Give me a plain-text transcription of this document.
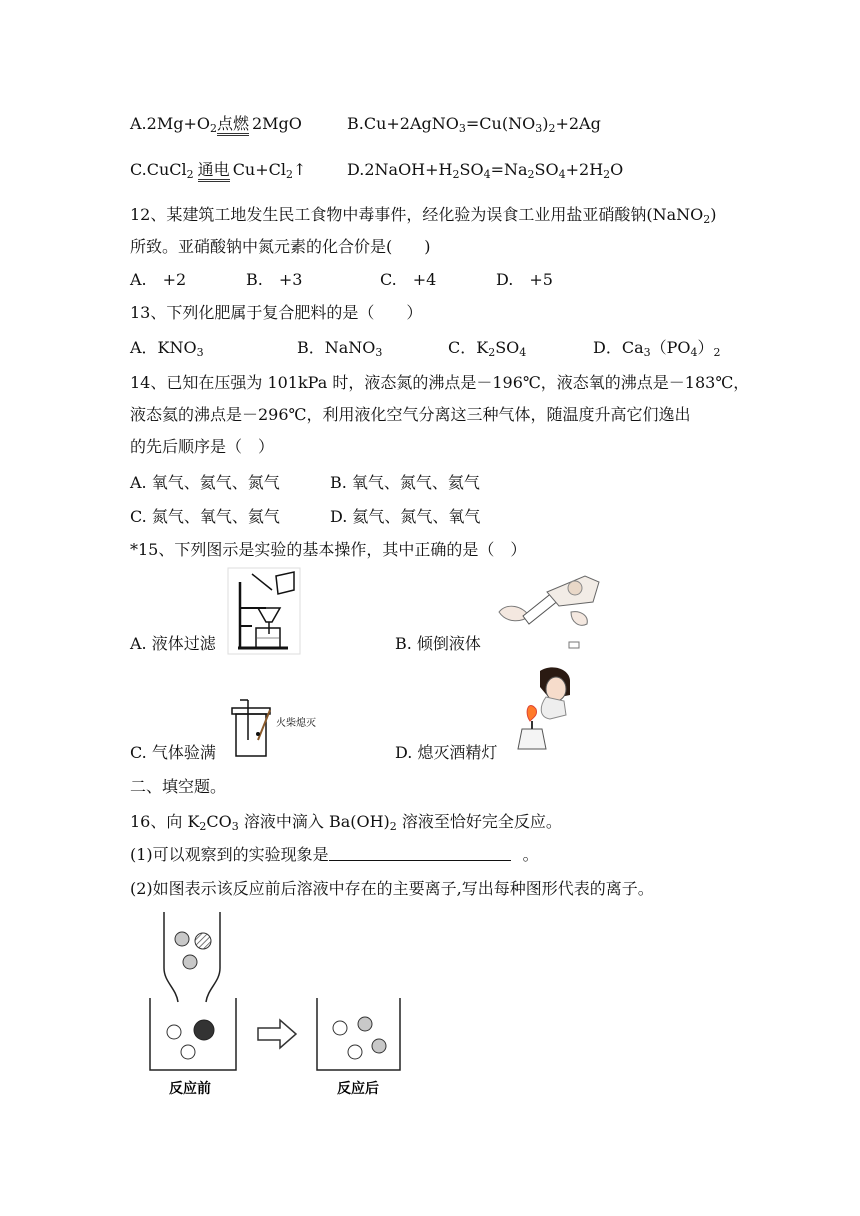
$A.2Mg+O_2$点燃 2MgO	$B.Cu+2AgNO_3=Cu(NO_3)_2+2Ag$
C.CuCl$_2$ 通电 $Cu+Cl_2↑$	$D.2NaOH+H_2SO_4=Na_2SO_4+2H_2O$
12、某建筑工地发生民工食物中毒事件，经化验为误食工业用盐亚硝酸钠(NaNO$_2$)
所致。亚硝酸钠中氮元素的化合价是(　　)
A.　+2	B.　+3	C.　+4	D.　+5
13、下列化肥属于复合肥料的是（　　）
A．$KNO_3$	B．NaNO$_3$	C．$K_2SO_4$	D．$Ca_3(PO_4)_2$
14、已知在压强为 101kPa 时，液态氮的沸点是－196℃，液态氧的沸点是－183℃，
液态氦的沸点是－296℃，利用液化空气分离这三种气体，随温度升高它们逸出
的先后顺序是（　）
A. 氧气、氦气、氮气	B. 氧气、氮气、氦气
C. 氮气、氧气、氦气	D. 氦气、氮气、氧气
*15、下列图示是实验的基本操作，其中正确的是（　）
A. 液体过滤	B. 倾倒液体
C. 气体验满	D. 熄灭酒精灯
火柴熄灭
二、填空题。
16、向 $K_2CO_3$ 溶液中滴入 $Ba(OH)_2$ 溶液至恰好完全反应。
(1)可以观察到的实验现象是	。
(2)如图表示该反应前后溶液中存在的主要离子,写出每种图形代表的离子。
反应前	反应后
